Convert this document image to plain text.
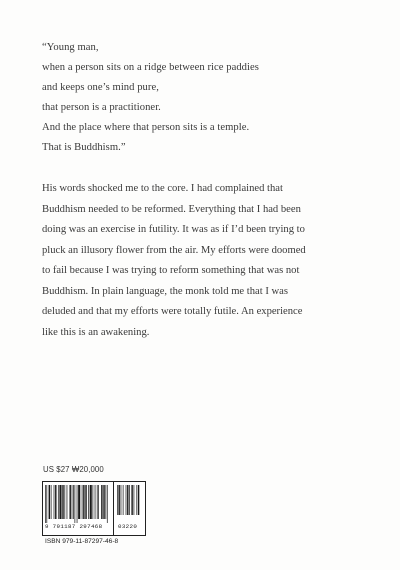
“Young man,
when a person sits on a ridge between rice paddies
and keeps one’s mind pure,
that person is a practitioner.
And the place where that person sits is a temple.
That is Buddhism.”
His words shocked me to the core. I had complained that
Buddhism needed to be reformed. Everything that I had been
doing was an exercise in futility. It was as if I’d been trying to
pluck an illusory flower from the air. My efforts were doomed
to fail because I was trying to reform something that was not
Buddhism. In plain language, the monk told me that I was
deluded and that my efforts were totally futile. An experience
like this is an awakening.
US $27 ₩20,000
9 791187 297468	03220
ISBN 979-11-87297-46-8
